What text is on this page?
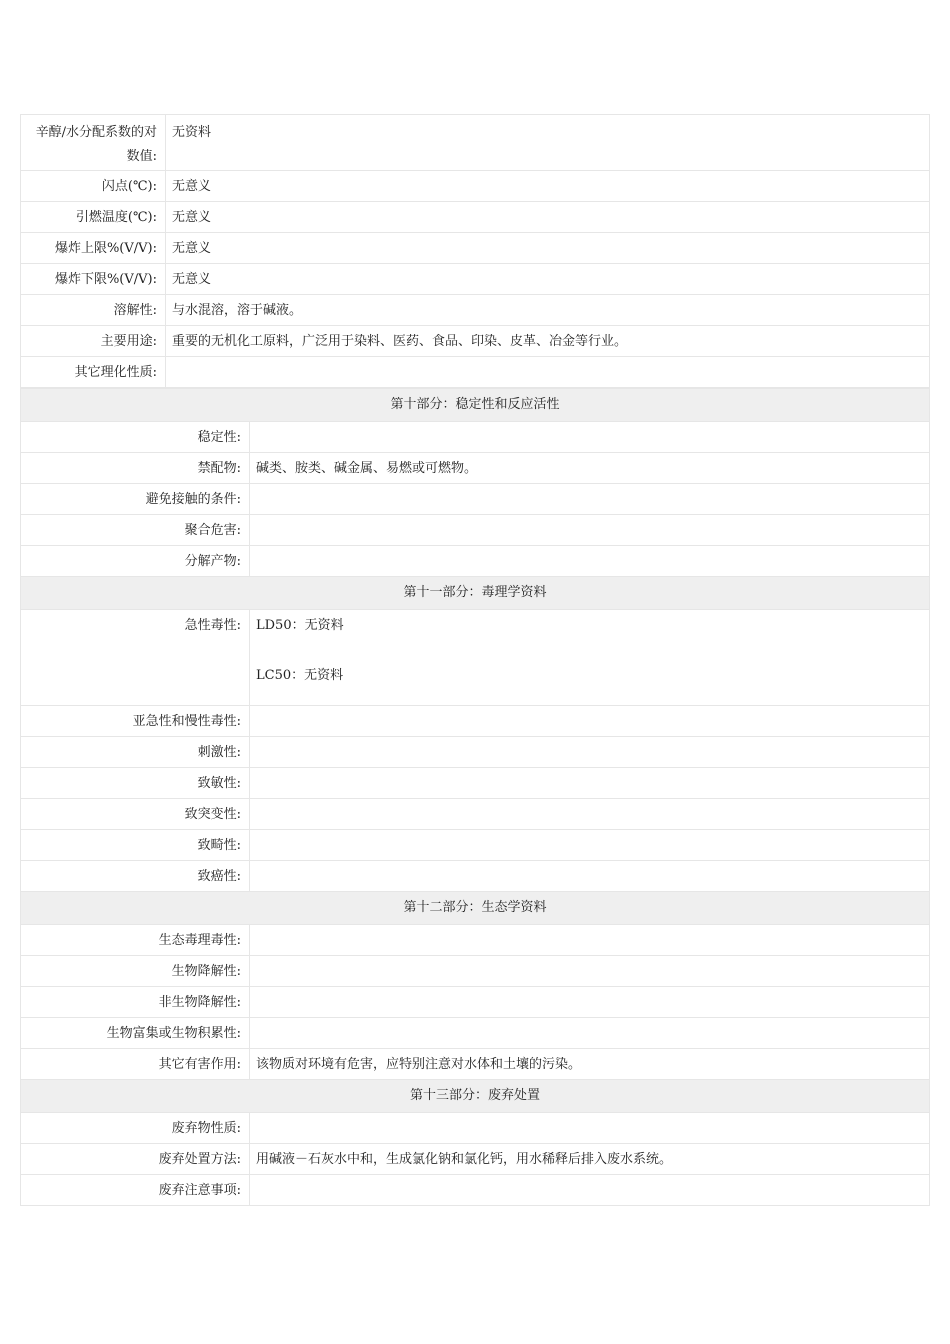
辛醇/水分配系数的对数值:	无资料
闪点(℃):	无意义
引燃温度(℃):	无意义
爆炸上限%(V/V):	无意义
爆炸下限%(V/V):	无意义
溶解性:	与水混溶，溶于碱液。
主要用途:	重要的无机化工原料，广泛用于染料、医药、食品、印染、皮革、冶金等行业。
其它理化性质:	
第十部分：稳定性和反应活性	
稳定性:	
禁配物:	碱类、胺类、碱金属、易燃或可燃物。
避免接触的条件:	
聚合危害:	
分解产物:	
第十一部分：毒理学资料	
急性毒性:	LD50：无资料
LC50：无资料

亚急性和慢性毒性:	
刺激性:	
致敏性:	
致突变性:	
致畸性:	
致癌性:	
第十二部分：生态学资料	
生态毒理毒性:	
生物降解性:	
非生物降解性:	
生物富集或生物积累性:	
其它有害作用:	该物质对环境有危害，应特别注意对水体和土壤的污染。
第十三部分：废弃处置	
废弃物性质:	
废弃处置方法:	用碱液－石灰水中和，生成氯化钠和氯化钙，用水稀释后排入废水系统。
废弃注意事项:	
